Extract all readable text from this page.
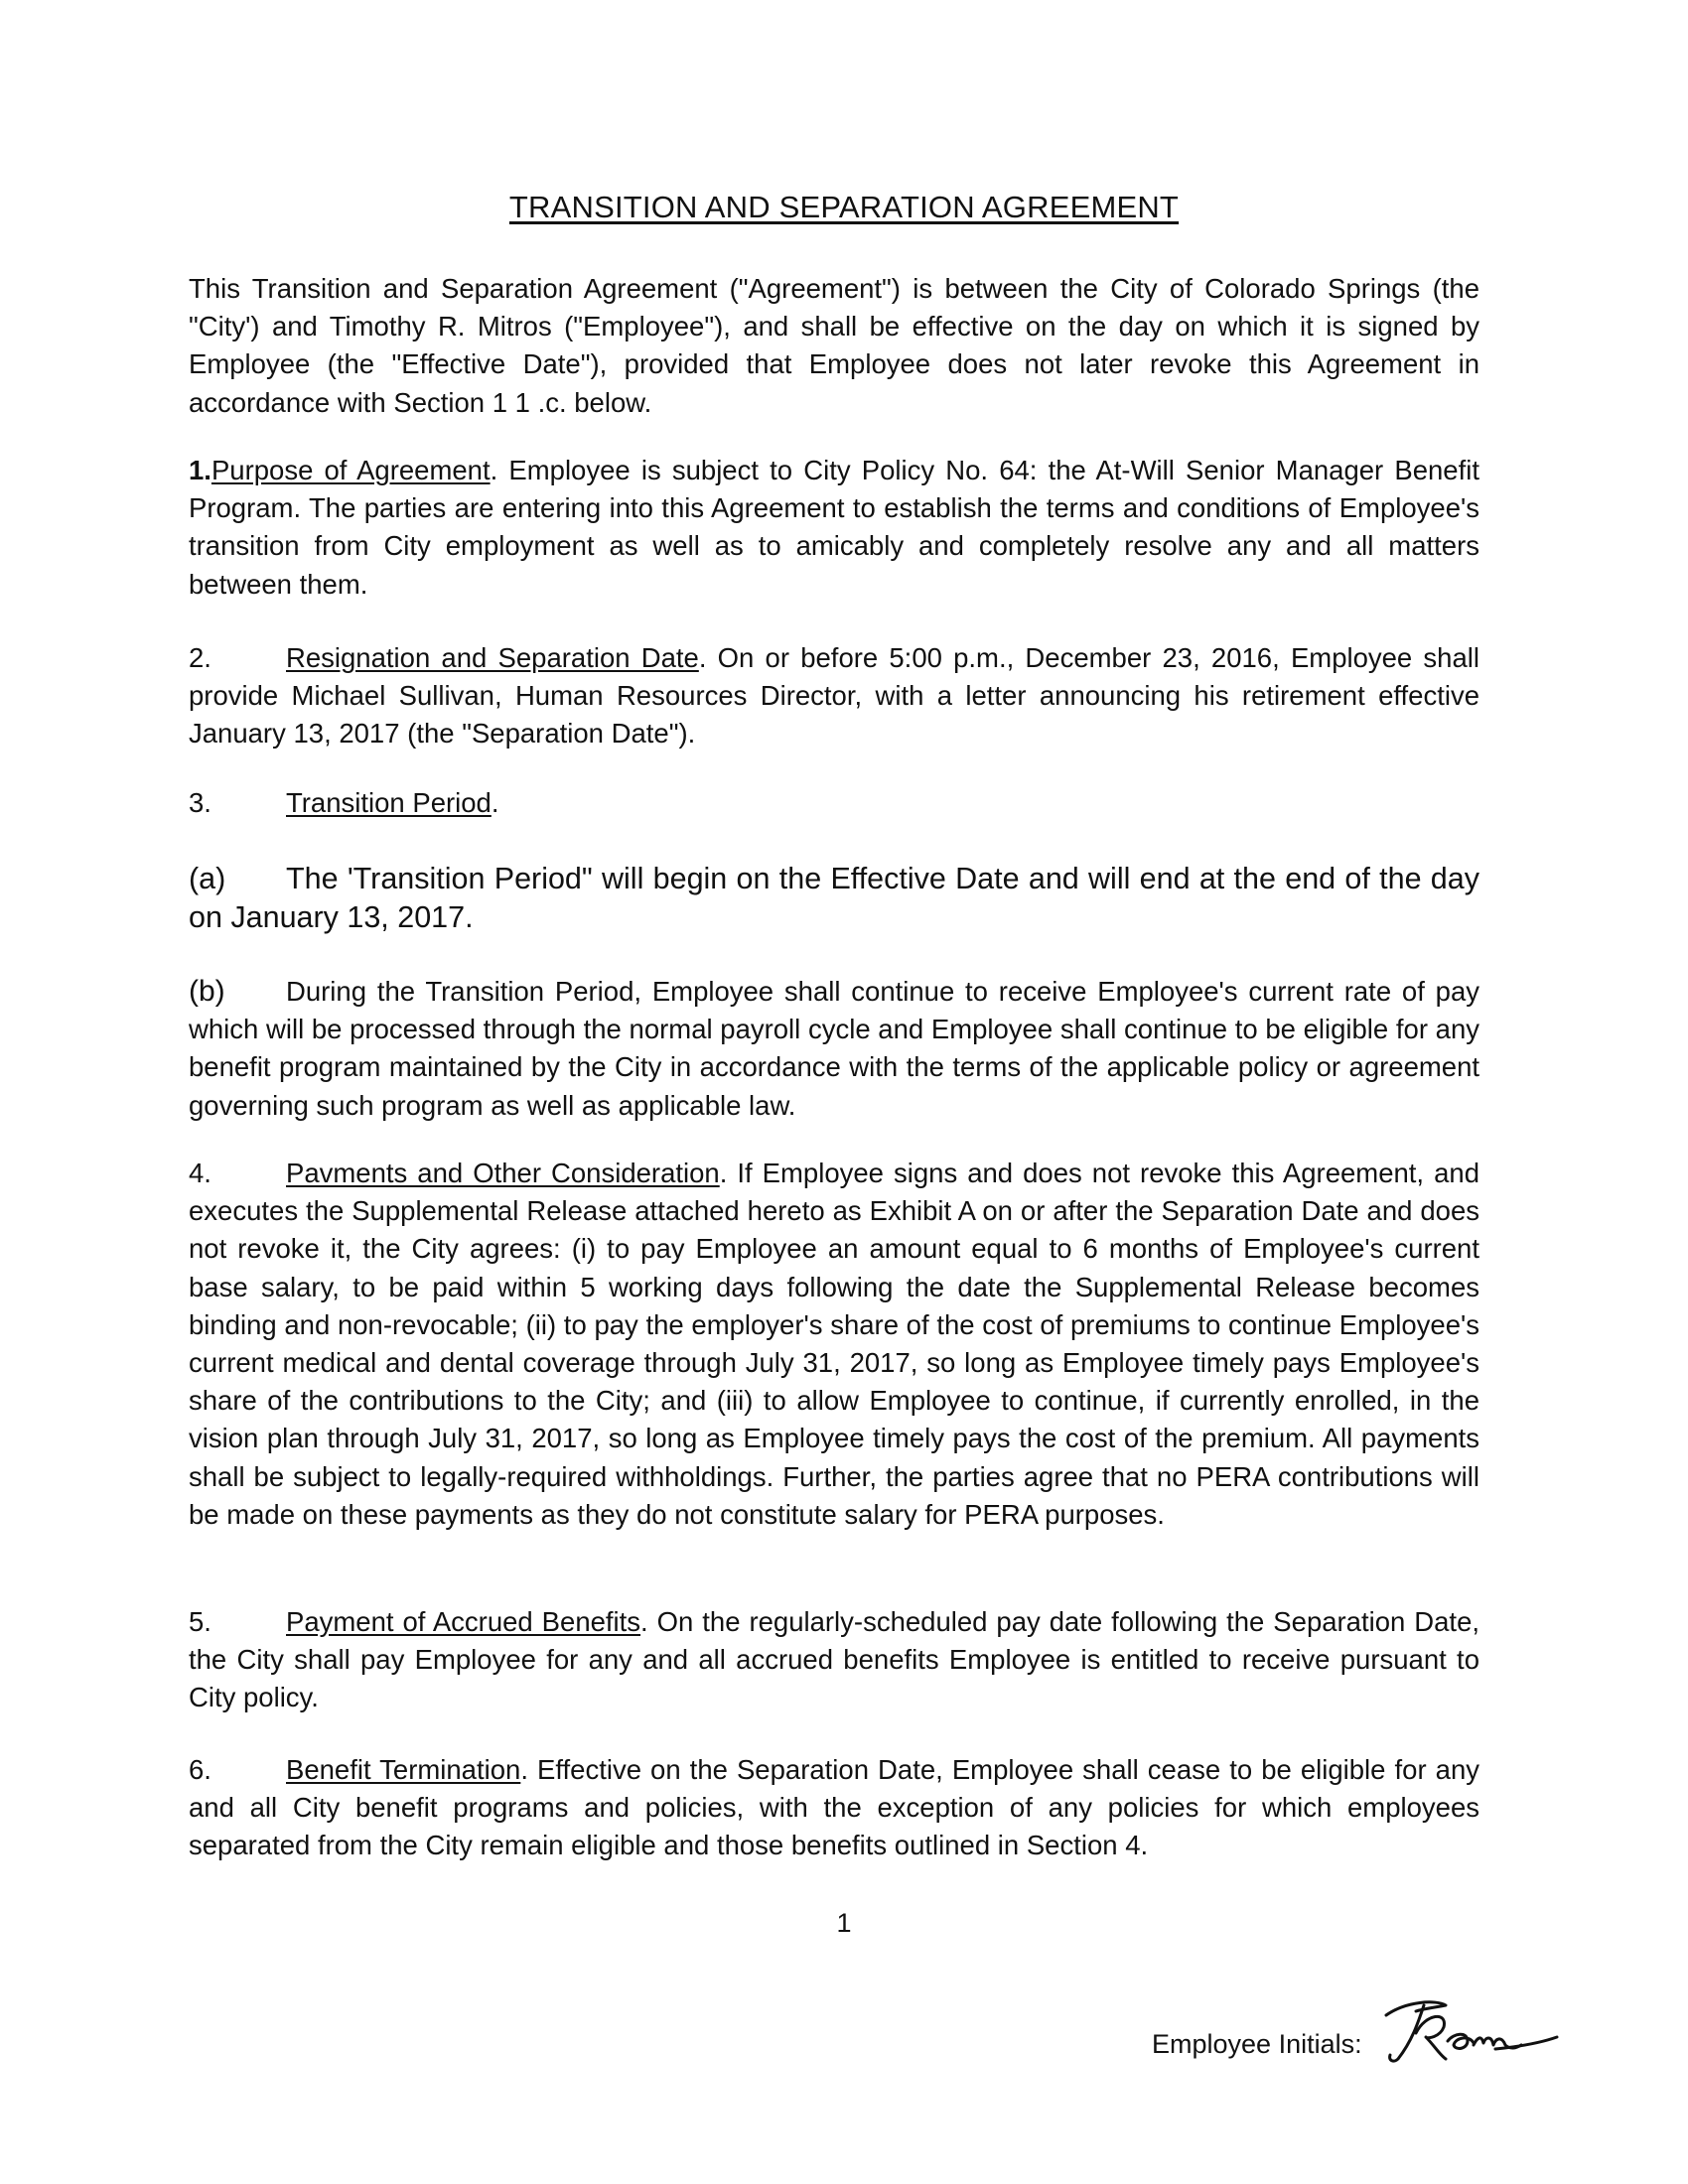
TRANSITION AND SEPARATION AGREEMENT

This Transition and Separation Agreement ("Agreement") is between the City of Colorado Springs (the "City') and Timothy R. Mitros ("Employee"), and shall be effective on the day on which it is signed by Employee (the "Effective Date"), provided that Employee does not later revoke this Agreement in accordance with Section 1 1 .c. below.

1.Purpose of Agreement. Employee is subject to City Policy No. 64: the At-Will Senior Manager Benefit Program. The parties are entering into this Agreement to establish the terms and conditions of Employee's transition from City employment as well as to amicably and completely resolve any and all matters between them.

2.	Resignation and Separation Date. On or before 5:00 p.m., December 23, 2016, Employee shall provide Michael Sullivan, Human Resources Director, with a letter announcing his retirement effective January 13, 2017 (the "Separation Date").

3.	Transition Period.

(a) The 'Transition Period" will begin on the Effective Date and will end at the end of the day on January 13, 2017.

(b) During the Transition Period, Employee shall continue to receive Employee's current rate of pay which will be processed through the normal payroll cycle and Employee shall continue to be eligible for any benefit program maintained by the City in accordance with the terms of the applicable policy or agreement governing such program as well as applicable law.

4.	Pavments and Other Consideration. If Employee signs and does not revoke this Agreement, and executes the Supplemental Release attached hereto as Exhibit A on or after the Separation Date and does not revoke it, the City agrees: (i) to pay Employee an amount equal to 6 months of Employee's current base salary, to be paid within 5 working days following the date the Supplemental Release becomes binding and non-revocable; (ii) to pay the employer's share of the cost of premiums to continue Employee's current medical and dental coverage through July 31, 2017, so long as Employee timely pays Employee's share of the contributions to the City; and (iii) to allow Employee to continue, if currently enrolled, in the vision plan through July 31, 2017, so long as Employee timely pays the cost of the premium. All payments shall be subject to legally-required withholdings. Further, the parties agree that no PERA contributions will be made on these payments as they do not constitute salary for PERA purposes.

5.	Payment of Accrued Benefits. On the regularly-scheduled pay date following the Separation Date, the City shall pay Employee for any and all accrued benefits Employee is entitled to receive pursuant to City policy.

6.	Benefit Termination. Effective on the Separation Date, Employee shall cease to be eligible for any and all City benefit programs and policies, with the exception of any policies for which employees separated from the City remain eligible and those benefits outlined in Section 4.

1
Employee Initials:
